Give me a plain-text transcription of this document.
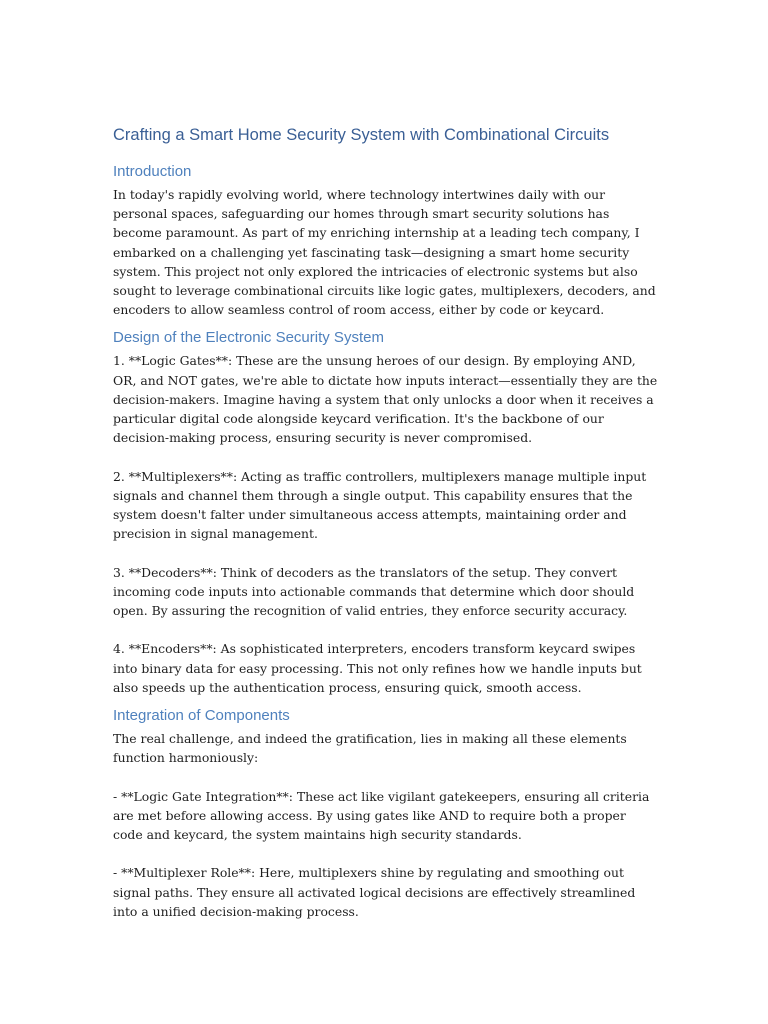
Crafting a Smart Home Security System with Combinational Circuits
Introduction

In today's rapidly evolving world, where technology intertwines daily with our personal spaces, safeguarding our homes through smart security solutions has become paramount. As part of my enriching internship at a leading tech company, I embarked on a challenging yet fascinating task—designing a smart home security system. This project not only explored the intricacies of electronic systems but also sought to leverage combinational circuits like logic gates, multiplexers, decoders, and encoders to allow seamless control of room access, either by code or keycard.

Design of the Electronic Security System

1. **Logic Gates**: These are the unsung heroes of our design. By employing AND, OR, and NOT gates, we're able to dictate how inputs interact—essentially they are the decision-makers. Imagine having a system that only unlocks a door when it receives a particular digital code alongside keycard verification. It's the backbone of our decision-making process, ensuring security is never compromised.

2. **Multiplexers**: Acting as traffic controllers, multiplexers manage multiple input signals and channel them through a single output. This capability ensures that the system doesn't falter under simultaneous access attempts, maintaining order and precision in signal management.

3. **Decoders**: Think of decoders as the translators of the setup. They convert incoming code inputs into actionable commands that determine which door should open. By assuring the recognition of valid entries, they enforce security accuracy.

4. **Encoders**: As sophisticated interpreters, encoders transform keycard swipes into binary data for easy processing. This not only refines how we handle inputs but also speeds up the authentication process, ensuring quick, smooth access.

Integration of Components

The real challenge, and indeed the gratification, lies in making all these elements function harmoniously:

- **Logic Gate Integration**: These act like vigilant gatekeepers, ensuring all criteria are met before allowing access. By using gates like AND to require both a proper code and keycard, the system maintains high security standards.

- **Multiplexer Role**: Here, multiplexers shine by regulating and smoothing out signal paths. They ensure all activated logical decisions are effectively streamlined into a unified decision-making process.
